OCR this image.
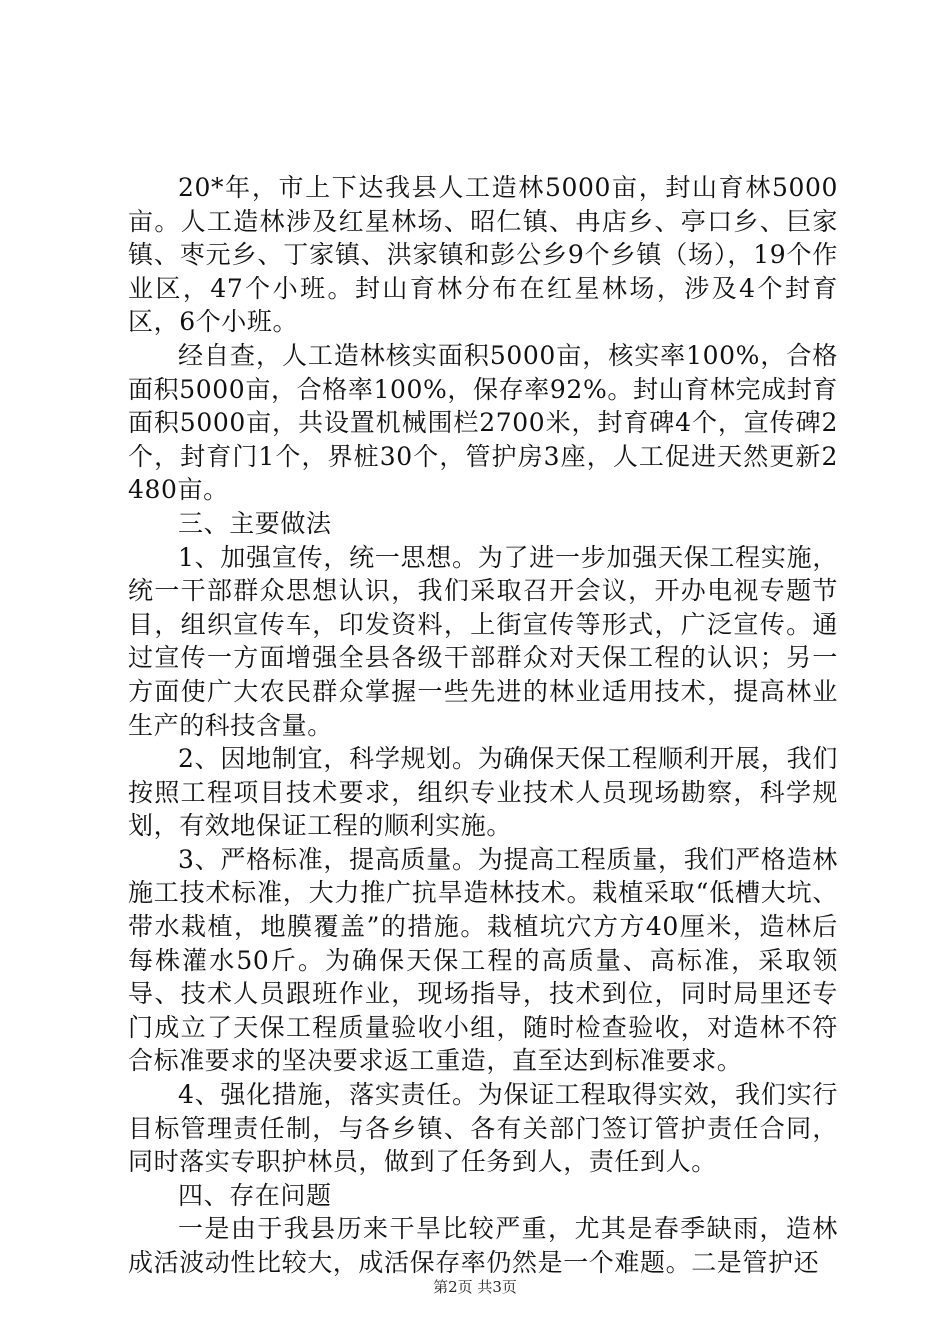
20*年，市上下达我县人工造林5000亩，封山育林5000亩。人工造林涉及红星林场、昭仁镇、冉店乡、亭口乡、巨家镇、枣元乡、丁家镇、洪家镇和彭公乡9个乡镇（场），19个作业区，47个小班。封山育林分布在红星林场，涉及4个封育区，6个小班。

经自查，人工造林核实面积5000亩，核实率100%，合格面积5000亩，合格率100%，保存率92%。封山育林完成封育面积5000亩，共设置机械围栏2700米，封育碑4个，宣传碑2个，封育门1个，界桩30个，管护房3座，人工促进天然更新2480亩。

三、主要做法

1、加强宣传，统一思想。为了进一步加强天保工程实施，统一干部群众思想认识，我们采取召开会议，开办电视专题节目，组织宣传车，印发资料，上街宣传等形式，广泛宣传。通过宣传一方面增强全县各级干部群众对天保工程的认识；另一方面使广大农民群众掌握一些先进的林业适用技术，提高林业生产的科技含量。

2、因地制宜，科学规划。为确保天保工程顺利开展，我们按照工程项目技术要求，组织专业技术人员现场勘察，科学规划，有效地保证工程的顺利实施。

3、严格标准，提高质量。为提高工程质量，我们严格造林施工技术标准，大力推广抗旱造林技术。栽植采取“低槽大坑、带水栽植，地膜覆盖”的措施。栽植坑穴方方40厘米，造林后每株灌水50斤。为确保天保工程的高质量、高标准，采取领导、技术人员跟班作业，现场指导，技术到位，同时局里还专门成立了天保工程质量验收小组，随时检查验收，对造林不符合标准要求的坚决要求返工重造，直至达到标准要求。

4、强化措施，落实责任。为保证工程取得实效，我们实行目标管理责任制，与各乡镇、各有关部门签订管护责任合同，同时落实专职护林员，做到了任务到人，责任到人。

四、存在问题

一是由于我县历来干旱比较严重，尤其是春季缺雨，造林成活波动性比较大，成活保存率仍然是一个难题。二是管护还

第2页 共3页
